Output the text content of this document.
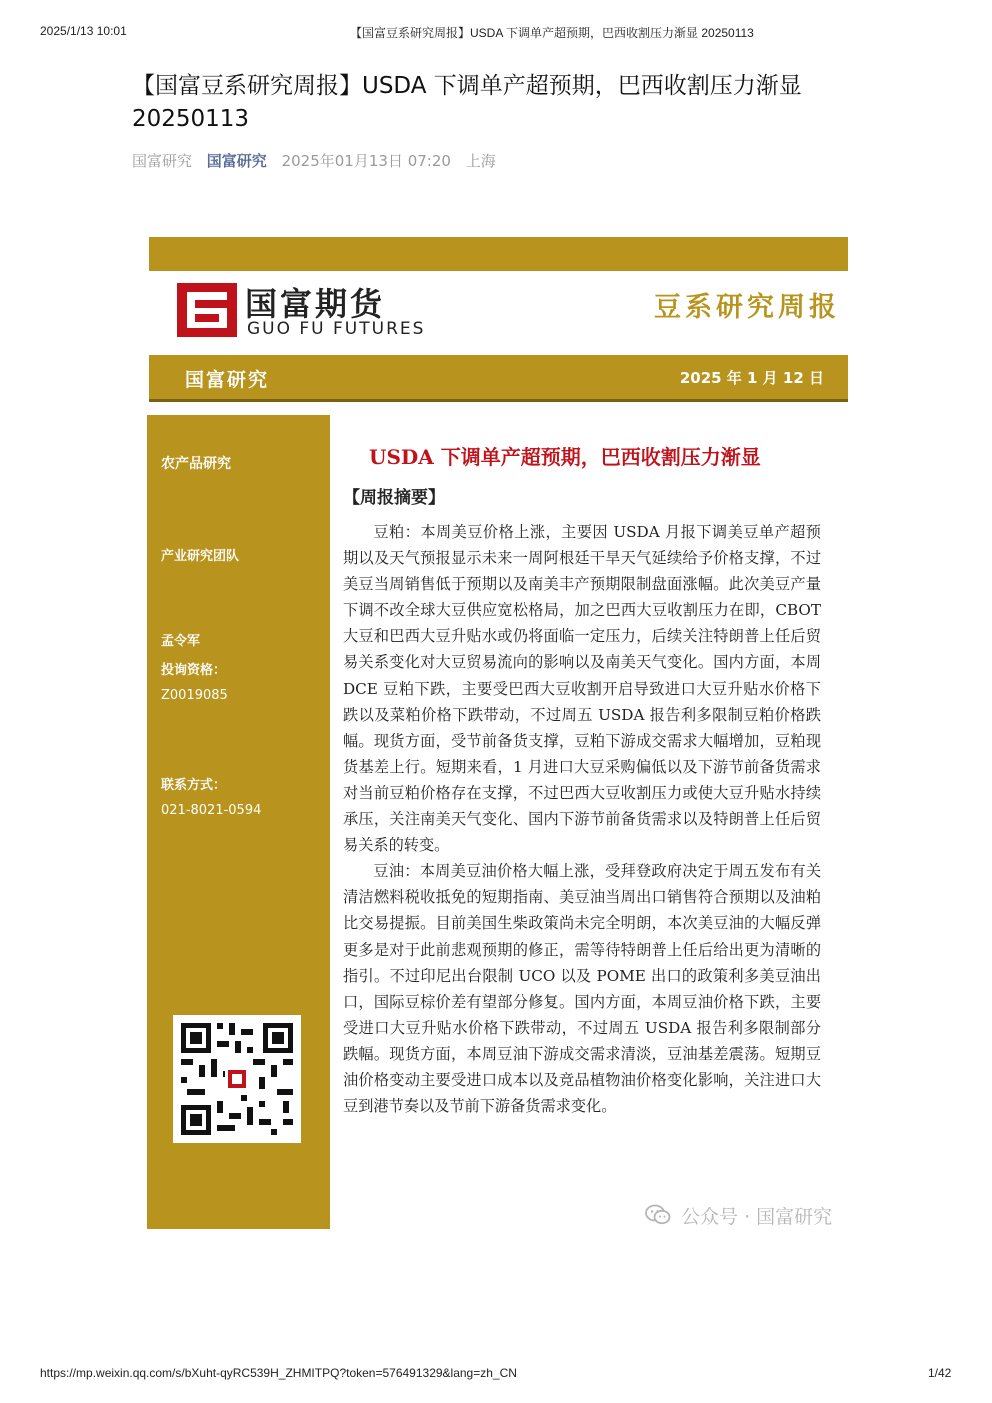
2025/1/13 10:01	【国富豆系研究周报】USDA 下调单产超预期，巴西收割压力渐显 20250113
【国富豆系研究周报】USDA 下调单产超预期，巴西收割压力渐显 20250113
国富研究 国富研究 2025年01月13日 07:20 上海
国富期货
GUO FU FUTURES
豆系研究周报
国富研究	2025 年 1 月 12 日
农产品研究
产业研究团队
孟令军
投询资格：
Z0019085
联系方式：
021-8021-0594
USDA 下调单产超预期，巴西收割压力渐显
【周报摘要】

豆粕：本周美豆价格上涨，主要因 USDA 月报下调美豆单产超预期以及天气预报显示未来一周阿根廷干旱天气延续给予价格支撑，不过美豆当周销售低于预期以及南美丰产预期限制盘面涨幅。此次美豆产量下调不改全球大豆供应宽松格局，加之巴西大豆收割压力在即，CBOT 大豆和巴西大豆升贴水或仍将面临一定压力，后续关注特朗普上任后贸易关系变化对大豆贸易流向的影响以及南美天气变化。国内方面，本周 DCE 豆粕下跌，主要受巴西大豆收割开启导致进口大豆升贴水价格下跌以及菜粕价格下跌带动，不过周五 USDA 报告利多限制豆粕价格跌幅。现货方面，受节前备货支撑，豆粕下游成交需求大幅增加，豆粕现货基差上行。短期来看，1 月进口大豆采购偏低以及下游节前备货需求对当前豆粕价格存在支撑，不过巴西大豆收割压力或使大豆升贴水持续承压，关注南美天气变化、国内下游节前备货需求以及特朗普上任后贸易关系的转变。

豆油：本周美豆油价格大幅上涨，受拜登政府决定于周五发布有关清洁燃料税收抵免的短期指南、美豆油当周出口销售符合预期以及油粕比交易提振。目前美国生柴政策尚未完全明朗，本次美豆油的大幅反弹更多是对于此前悲观预期的修正，需等待特朗普上任后给出更为清晰的指引。不过印尼出台限制 UCO 以及 POME 出口的政策利多美豆油出口，国际豆棕价差有望部分修复。国内方面，本周豆油价格下跌，主要受进口大豆升贴水价格下跌带动，不过周五 USDA 报告利多限制部分跌幅。现货方面，本周豆油下游成交需求清淡，豆油基差震荡。短期豆油价格变动主要受进口成本以及竞品植物油价格变化影响，关注进口大豆到港节奏以及节前下游备货需求变化。

公众号 · 国富研究
https://mp.weixin.qq.com/s/bXuht-qyRC539H_ZHMITPQ?token=576491329&lang=zh_CN	1/42
